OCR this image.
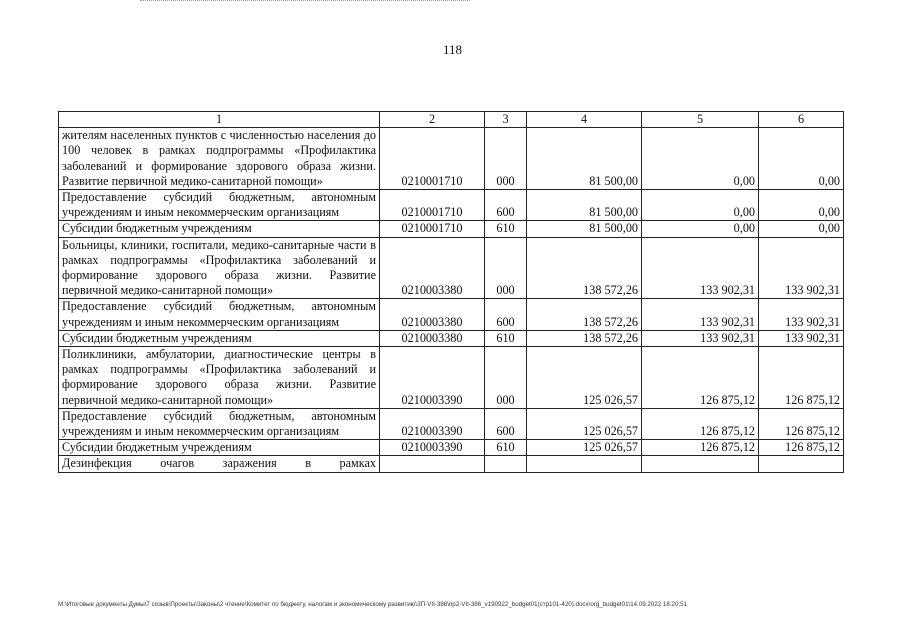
118
1	2	3	4	5	6
жителям населенных пунктов с численностью населения до 100 человек в рамках подпрограммы «Профилактика заболеваний и формирование здорового образа жизни. Развитие первичной медико-санитарной помощи»	0210001710	000	81 500,00	0,00	0,00
Предоставление субсидий бюджетным, автономным учреждениям и иным некоммерческим организациям	0210001710	600	81 500,00	0,00	0,00
Субсидии бюджетным учреждениям	0210001710	610	81 500,00	0,00	0,00
Больницы, клиники, госпитали, медико-санитарные части в рамках подпрограммы «Профилактика заболеваний и формирование здорового образа жизни. Развитие первичной медико-санитарной помощи»	0210003380	000	138 572,26	133 902,31	133 902,31
Предоставление субсидий бюджетным, автономным учреждениям и иным некоммерческим организациям	0210003380	600	138 572,26	133 902,31	133 902,31
Субсидии бюджетным учреждениям	0210003380	610	138 572,26	133 902,31	133 902,31
Поликлиники, амбулатории, диагностические центры в рамках подпрограммы «Профилактика заболеваний и формирование здорового образа жизни. Развитие первичной медико-санитарной помощи»	0210003390	000	125 026,57	126 875,12	126 875,12
Предоставление субсидий бюджетным, автономным учреждениям и иным некоммерческим организациям	0210003390	600	125 026,57	126 875,12	126 875,12
Субсидии бюджетным учреждениям	0210003390	610	125 026,57	126 875,12	126 875,12
Дезинфекция очагов заражения в рамках					
M:\Итоговые документы Думы\7 созыв\Проекты\Законы\2 чтение\Комитет по бюджету, налогам и экономическому развитию\ЗП-VII-386\пр2-VII-386_v190922_budget01(стр101-420).docx\org_budget01\14.09.2022 18:20:51
